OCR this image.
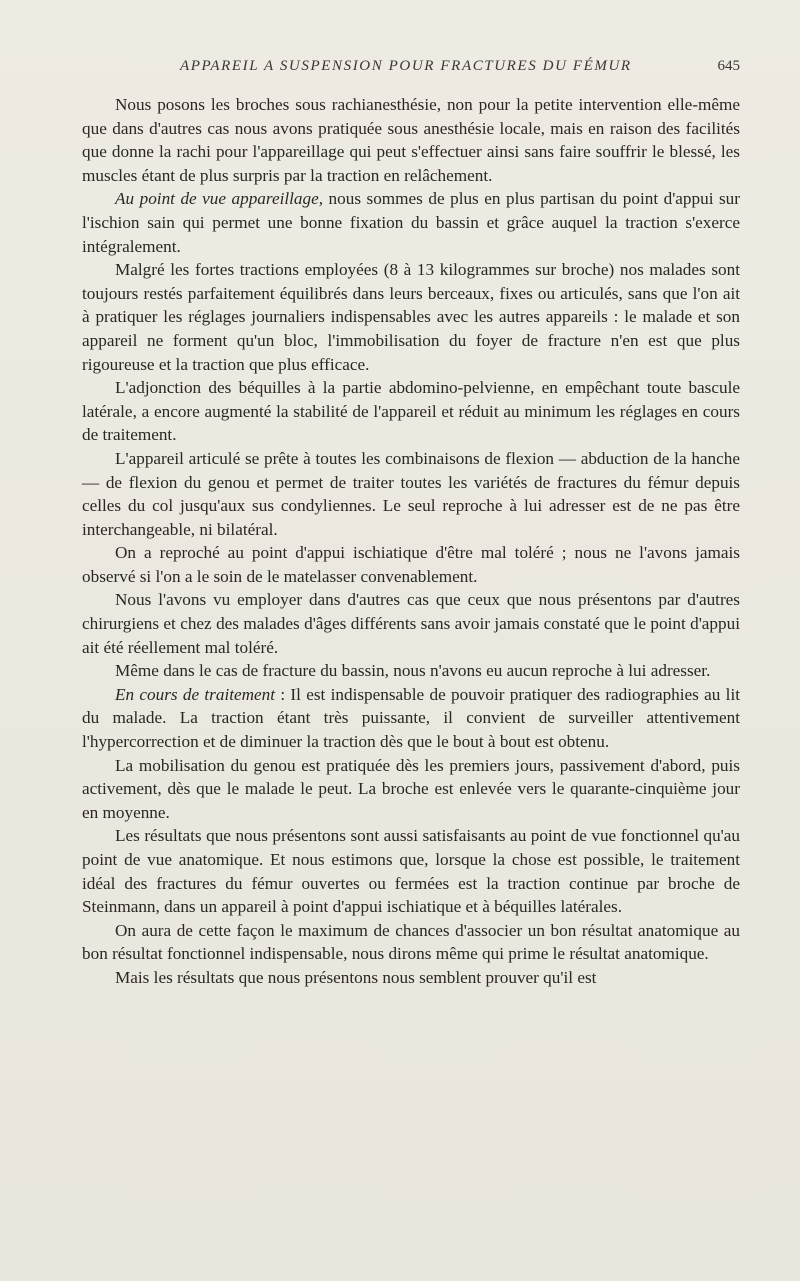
APPAREIL A SUSPENSION POUR FRACTURES DU FÉMUR	645

Nous posons les broches sous rachianesthésie, non pour la petite intervention elle-même que dans d'autres cas nous avons pratiquée sous anesthésie locale, mais en raison des facilités que donne la rachi pour l'appareillage qui peut s'effectuer ainsi sans faire souffrir le blessé, les muscles étant de plus surpris par la traction en relâchement.

Au point de vue appareillage, nous sommes de plus en plus partisan du point d'appui sur l'ischion sain qui permet une bonne fixation du bassin et grâce auquel la traction s'exerce intégralement.

Malgré les fortes tractions employées (8 à 13 kilogrammes sur broche) nos malades sont toujours restés parfaitement équilibrés dans leurs berceaux, fixes ou articulés, sans que l'on ait à pratiquer les réglages journaliers indispensables avec les autres appareils : le malade et son appareil ne forment qu'un bloc, l'immobilisation du foyer de fracture n'en est que plus rigoureuse et la traction que plus efficace.

L'adjonction des béquilles à la partie abdomino-pelvienne, en empêchant toute bascule latérale, a encore augmenté la stabilité de l'appareil et réduit au minimum les réglages en cours de traitement.

L'appareil articulé se prête à toutes les combinaisons de flexion — abduction de la hanche — de flexion du genou et permet de traiter toutes les variétés de fractures du fémur depuis celles du col jusqu'aux sus condyliennes. Le seul reproche à lui adresser est de ne pas être interchangeable, ni bilatéral.

On a reproché au point d'appui ischiatique d'être mal toléré ; nous ne l'avons jamais observé si l'on a le soin de le matelasser convenablement.

Nous l'avons vu employer dans d'autres cas que ceux que nous présentons par d'autres chirurgiens et chez des malades d'âges différents sans avoir jamais constaté que le point d'appui ait été réellement mal toléré.

Même dans le cas de fracture du bassin, nous n'avons eu aucun reproche à lui adresser.

En cours de traitement : Il est indispensable de pouvoir pratiquer des radiographies au lit du malade. La traction étant très puissante, il convient de surveiller attentivement l'hypercorrection et de diminuer la traction dès que le bout à bout est obtenu.

La mobilisation du genou est pratiquée dès les premiers jours, passivement d'abord, puis activement, dès que le malade le peut. La broche est enlevée vers le quarante-cinquième jour en moyenne.

Les résultats que nous présentons sont aussi satisfaisants au point de vue fonctionnel qu'au point de vue anatomique. Et nous estimons que, lorsque la chose est possible, le traitement idéal des fractures du fémur ouvertes ou fermées est la traction continue par broche de Steinmann, dans un appareil à point d'appui ischiatique et à béquilles latérales.

On aura de cette façon le maximum de chances d'associer un bon résultat anatomique au bon résultat fonctionnel indispensable, nous dirons même qui prime le résultat anatomique.

Mais les résultats que nous présentons nous semblent prouver qu'il est
